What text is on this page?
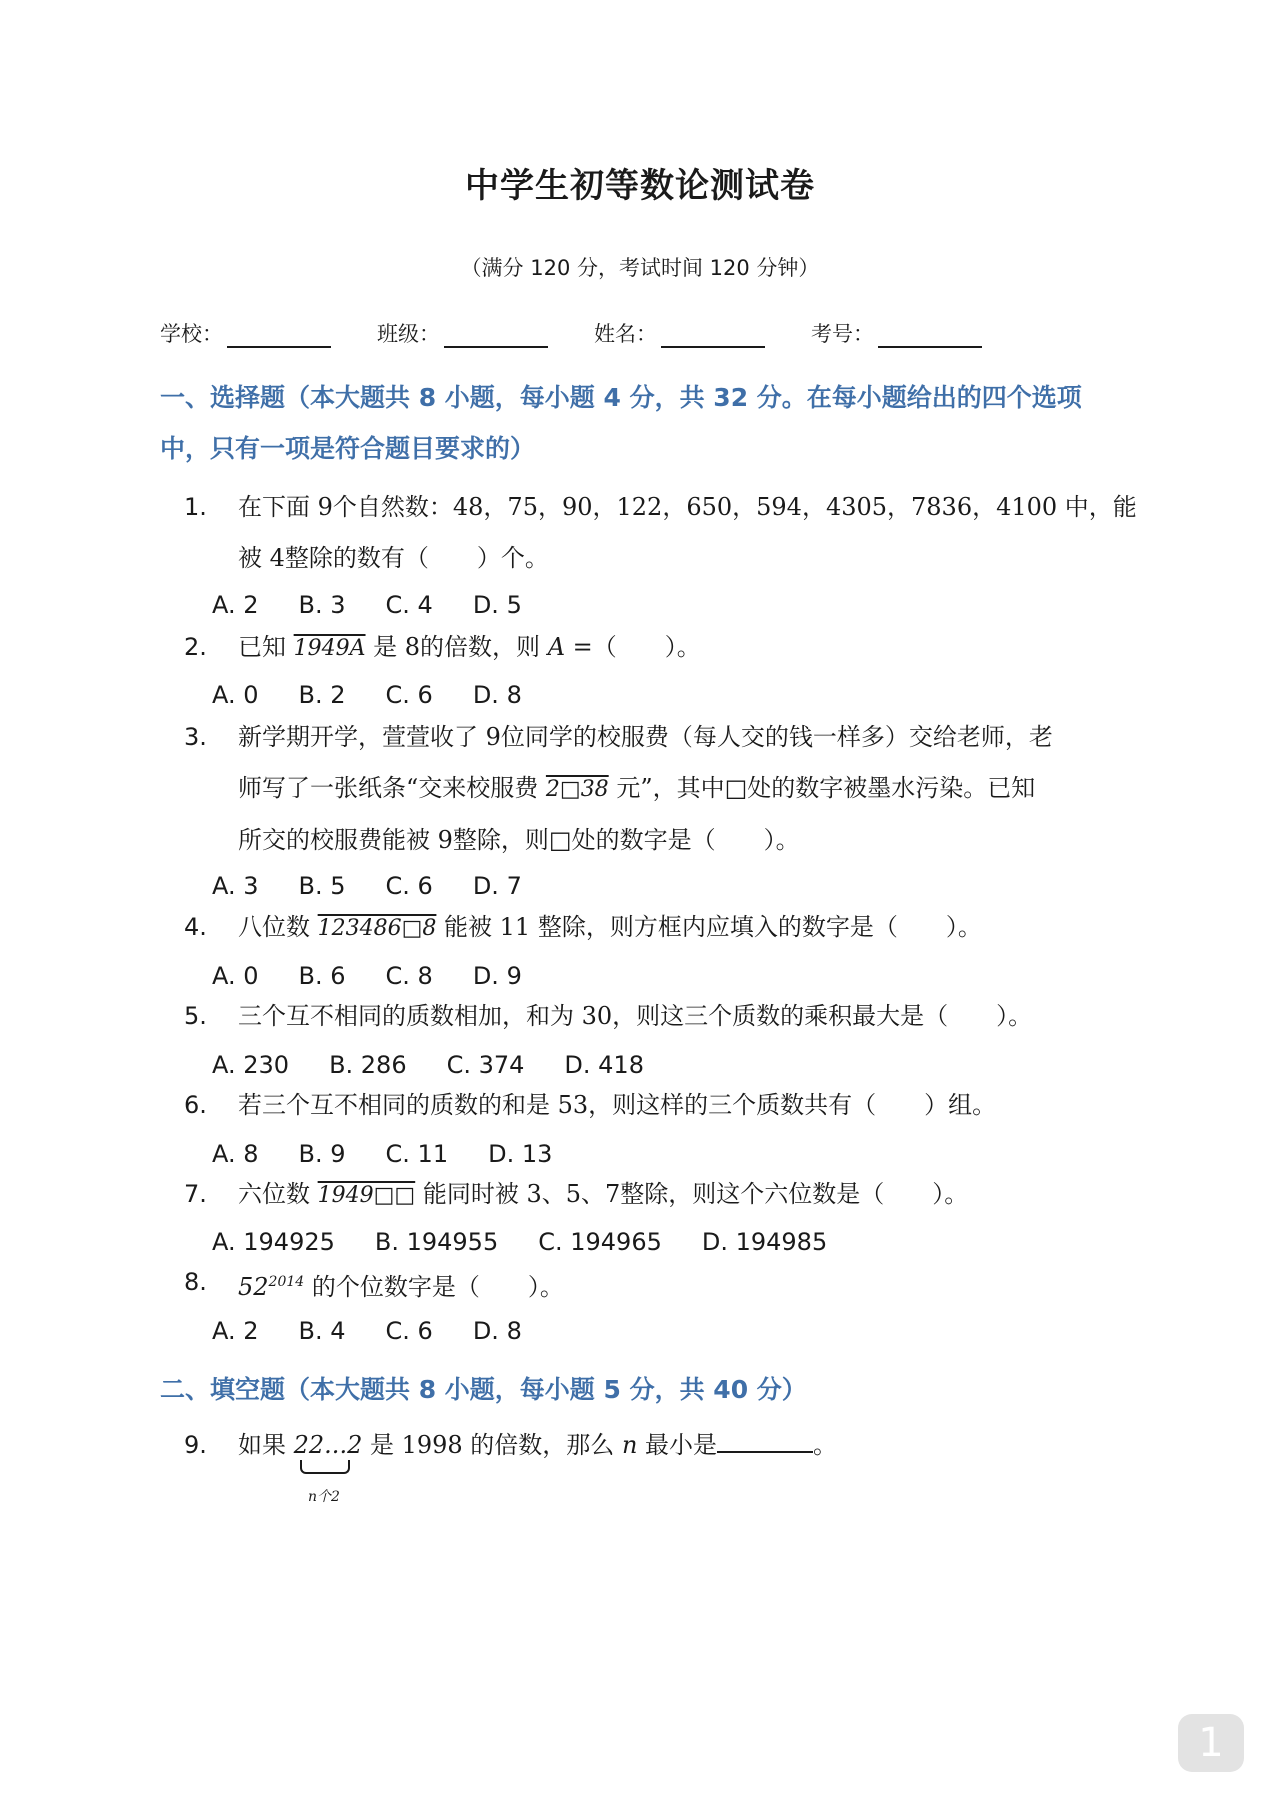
中学生初等数论测试卷
（满分 120 分，考试时间 120 分钟）
学校：	班级：	姓名：	考号：
一、选择题（本大题共 8 小题，每小题 4 分，共 32 分。在每小题给出的四个选项
中，只有一项是符合题目要求的）
1.	在下面 9个自然数：48，75，90，122，650，594，4305，7836，4100 中，能
被 4整除的数有（　　）个。
A. 2 B. 3 C. 4 D. 5
2.	已知 1949A 是 8的倍数，则 A =（　　）。
A. 0 B. 2 C. 6 D. 8
3.	新学期开学，萱萱收了 9位同学的校服费（每人交的钱一样多）交给老师，老
师写了一张纸条“交来校服费 2□38 元”，其中□处的数字被墨水污染。已知
所交的校服费能被 9整除，则□处的数字是（　　）。
A. 3 B. 5 C. 6 D. 7
4.	八位数 123486□8 能被 11 整除，则方框内应填入的数字是（　　）。
A. 0 B. 6 C. 8 D. 9
5.	三个互不相同的质数相加，和为 30，则这三个质数的乘积最大是（　　）。
A. 230 B. 286 C. 374 D. 418
6.	若三个互不相同的质数的和是 53，则这样的三个质数共有（　　）组。
A. 8 B. 9 C. 11 D. 13
7.	六位数 1949□□ 能同时被 3、5、7整除，则这个六位数是（　　）。
A. 194925 B. 194955 C. 194965 D. 194985
8.	$52^{2014}$ 的个位数字是（　　）。
A. 2 B. 4 C. 6 D. 8
二、填空题（本大题共 8 小题，每小题 5 分，共 40 分）
9.	如果 22...2 是 1998 的倍数，那么 n 最小是	。
n个2
1
